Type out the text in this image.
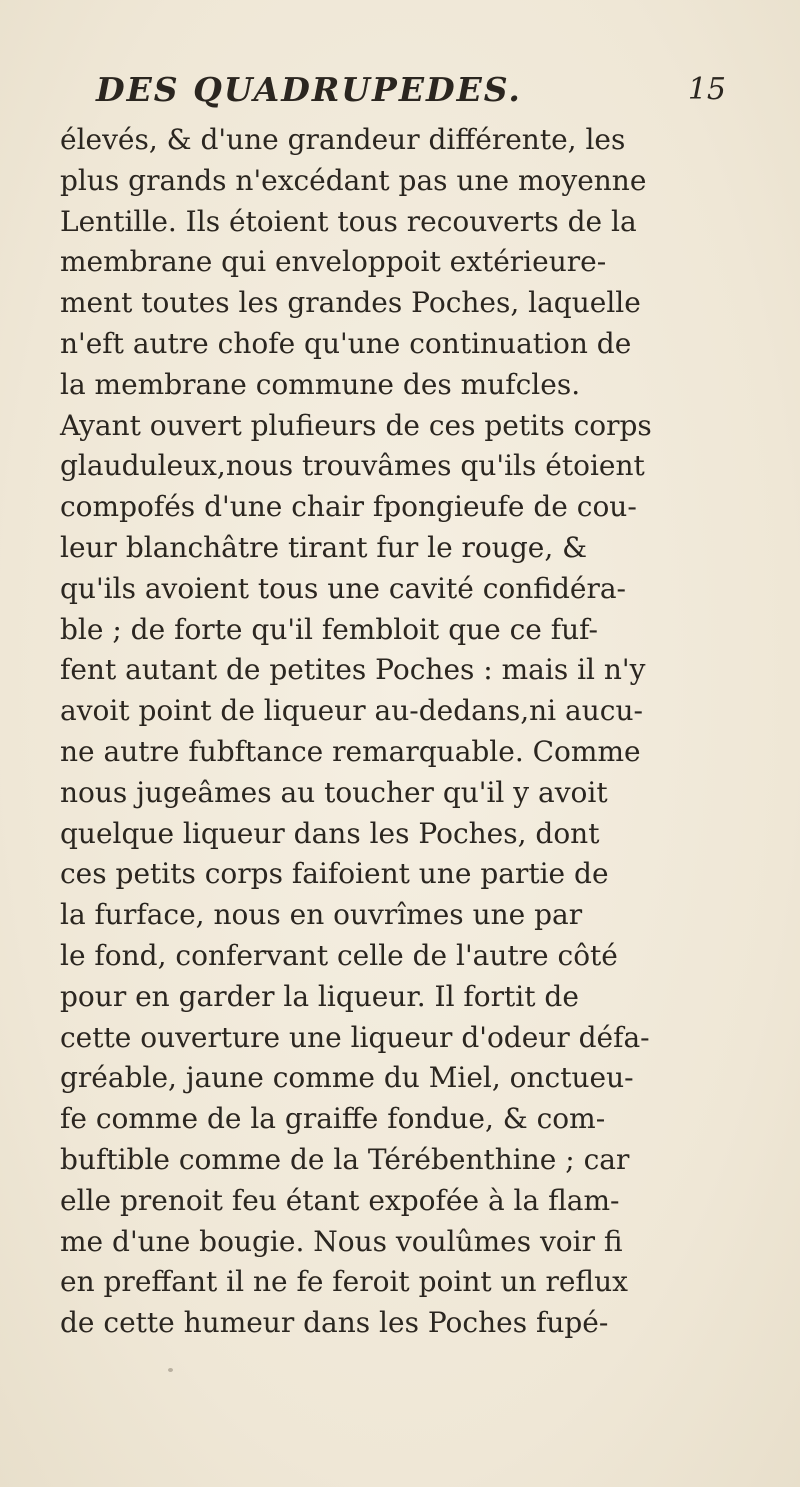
DES QUADRUPEDES.	15
élevés, & d'une grandeur différente, les
plus grands n'excédant pas une moyenne
Lentille. Ils étoient tous recouverts de la
membrane qui enveloppoit extérieure-
ment toutes les grandes Poches, laquelle
n'eft autre chofe qu'une continuation de
la membrane commune des mufcles.
Ayant ouvert plufieurs de ces petits corps
glauduleux,nous trouvâmes qu'ils étoient
compofés d'une chair fpongieufe de cou-
leur blanchâtre tirant fur le rouge, &
qu'ils avoient tous une cavité confidéra-
ble ; de forte qu'il fembloit que ce fuf-
fent autant de petites Poches : mais il n'y
avoit point de liqueur au-dedans,ni aucu-
ne autre fubftance remarquable. Comme
nous jugeâmes au toucher qu'il y avoit
quelque liqueur dans les Poches, dont
ces petits corps faifoient une partie de
la furface, nous en ouvrîmes une par
le fond, confervant celle de l'autre côté
pour en garder la liqueur. Il fortit de
cette ouverture une liqueur d'odeur défa-
gréable, jaune comme du Miel, onctueu-
fe comme de la graiffe fondue, & com-
buftible comme de la Térébenthine ; car
elle prenoit feu étant expofée à la flam-
me d'une bougie. Nous voulûmes voir fi
en preffant il ne fe feroit point un reflux
de cette humeur dans les Poches fupé-
